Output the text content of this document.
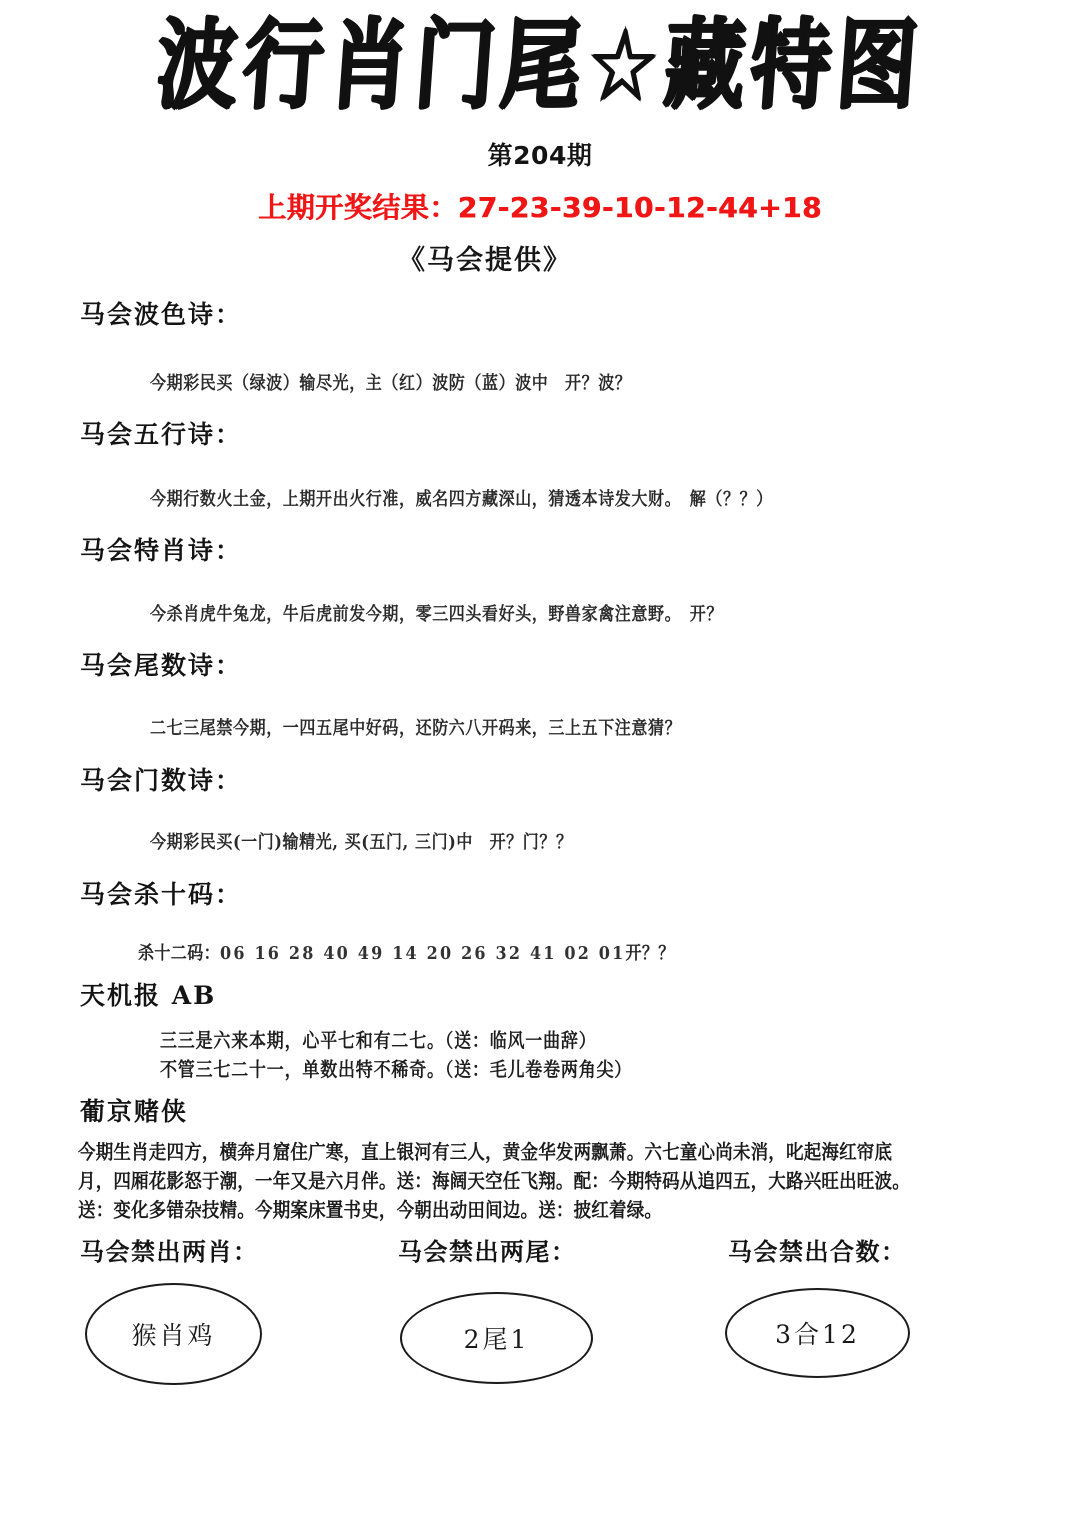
波行肖门尾☆藏特图
第204期
上期开奖结果：27-23-39-10-12-44+18
《马会提供》
马会波色诗：
今期彩民买（绿波）输尽光，主（红）波防（蓝）波中　开？波？
马会五行诗：
今期行数火土金，上期开出火行准，威名四方藏深山，猜透本诗发大财。　解（？？）
马会特肖诗：
今杀肖虎牛兔龙，牛后虎前发今期，零三四头看好头，野兽家禽注意野。　开？
马会尾数诗：
二七三尾禁今期，一四五尾中好码，还防六八开码来，三上五下注意猜？
马会门数诗：
今期彩民买(一门)输精光, 买(五门, 三门)中　开？门？？
马会杀十码：
杀十二码：06 16 28 40 49 14 20 26 32 41 02 01开？？
天机报 AB
三三是六来本期，心平七和有二七。（送：临风一曲辞）
不管三七二十一，单数出特不稀奇。（送：毛儿卷卷两角尖）
葡京赌侠
今期生肖走四方，横奔月窟住广寒，直上银河有三人，黄金华发两飘萧。六七童心尚未消，叱起海红帘底
月，四厢花影怒于潮，一年又是六月伴。送：海阔天空任飞翔。配：今期特码从追四五，大路兴旺出旺波。
送：变化多错杂技精。今期案床置书史，今朝出动田间边。送：披红着绿。
马会禁出两肖：	马会禁出两尾：	马会禁出合数：
猴肖鸡	2尾1	3合12
